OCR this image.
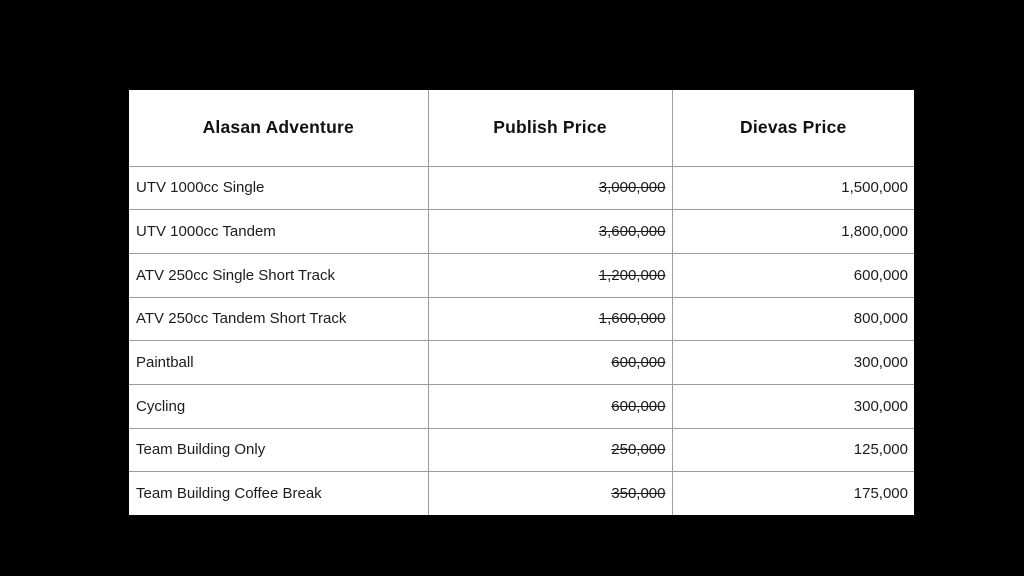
Alasan Adventure	Publish Price	Dievas Price
UTV 1000cc Single	3,000,000	1,500,000
UTV 1000cc Tandem	3,600,000	1,800,000
ATV 250cc Single Short Track	1,200,000	600,000
ATV 250cc Tandem Short Track	1,600,000	800,000
Paintball	600,000	300,000
Cycling	600,000	300,000
Team Building Only	250,000	125,000
Team Building Coffee Break	350,000	175,000
